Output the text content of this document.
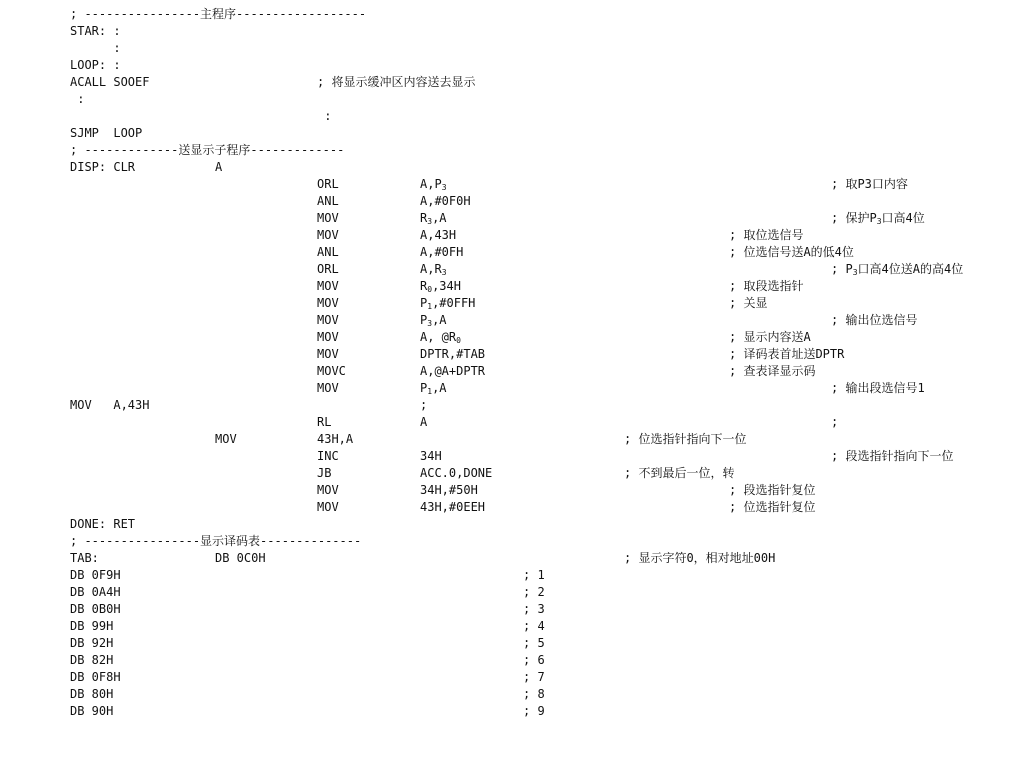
; ----------------主程序------------------
STAR: :
:
LOOP: :
ACALL SOOEF	; 将显示缓冲区内容送去显示
:
:
SJMP  LOOP
; -------------送显示子程序-------------
DISP: CLR	A
ORL	$A,P_3$	; 取P3口内容
ANL	A,#0F0H
MOV	$R_3,A$	; 保护$P_3$口高4位
MOV	A,43H	; 取位选信号
ANL	A,#0FH	; 位选信号送A的低4位
ORL	$A,R_3$	; $P_3$口高4位送A的高4位
MOV	$R_0,34H$	; 取段选指针
MOV	$P_1,\#0FFH$	; 关显
MOV	$P_3,A$	; 输出位选信号
MOV	A, $@R_0$	; 显示内容送A
MOV	DPTR,#TAB	; 译码表首址送DPTR
MOVC	A,@A+DPTR	; 查表译显示码
MOV	$P_1,A$	; 输出段选信号1
MOV   A,43H	;
RL	A	;
MOV	43H,A	; 位选指针指向下一位
INC	34H	; 段选指针指向下一位
JB	ACC.0,DONE	; 不到最后一位，转
MOV	34H,#50H	; 段选指针复位
MOV	43H,#0EEH	; 位选指针复位
DONE: RET
; ----------------显示译码表--------------
TAB:	DB 0C0H	; 显示字符0，相对地址00H
DB 0F9H	; 1
DB 0A4H	; 2
DB 0B0H	; 3
DB 99H	; 4
DB 92H	; 5
DB 82H	; 6
DB 0F8H	; 7
DB 80H	; 8
DB 90H	; 9
